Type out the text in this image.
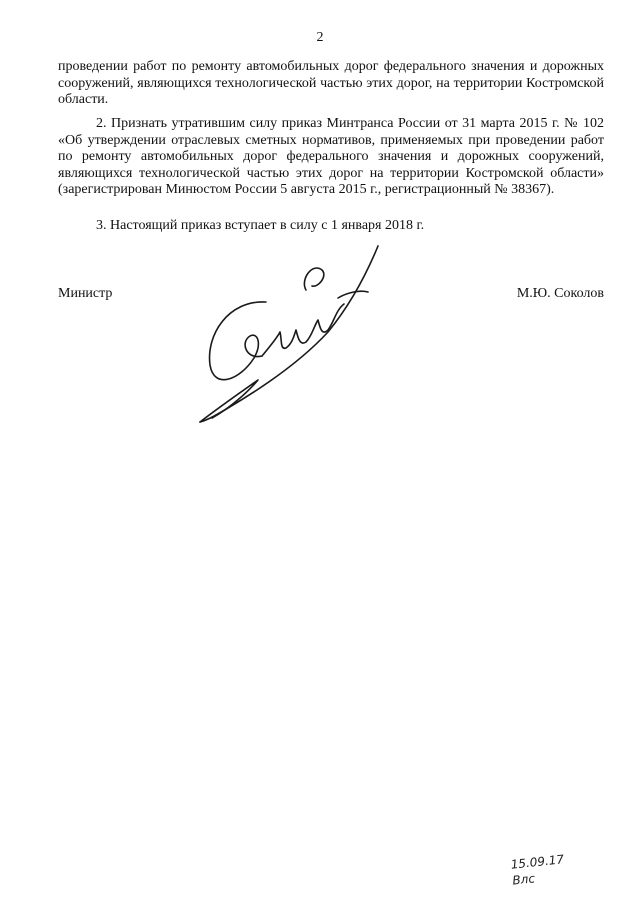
2

проведении работ по ремонту автомобильных дорог федерального значения и дорожных сооружений, являющихся технологической частью этих дорог, на территории Костромской области.

2. Признать утратившим силу приказ Минтранса России от 31 марта 2015 г. № 102 «Об утверждении отраслевых сметных нормативов, применяемых при проведении работ по ремонту автомобильных дорог федерального значения и дорожных сооружений, являющихся технологической частью этих дорог на территории Костромской области» (зарегистрирован Минюстом России 5 августа 2015 г., регистрационный № 38367).

3. Настоящий приказ вступает в силу с 1 января 2018 г.

Министр	М.Ю. Соколов
15.09.17
Влс
